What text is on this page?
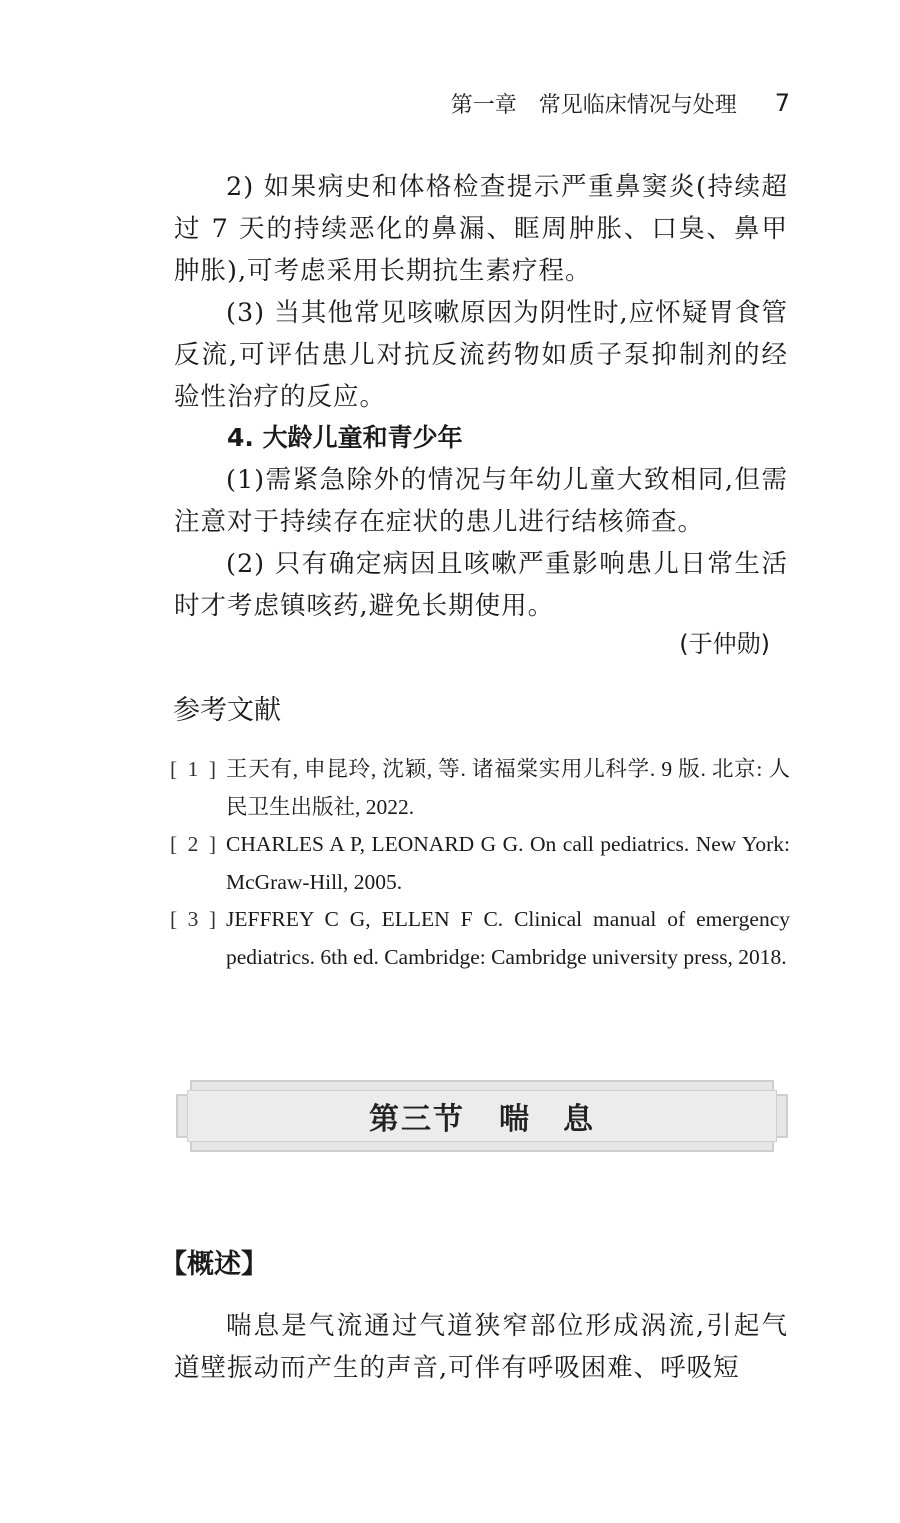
第一章　常见临床情况与处理 7
2) 如果病史和体格检查提示严重鼻窦炎(持续超过 7 天的持续恶化的鼻漏、眶周肿胀、口臭、鼻甲肿胀),可考虑采用长期抗生素疗程。
(3) 当其他常见咳嗽原因为阴性时,应怀疑胃食管反流,可评估患儿对抗反流药物如质子泵抑制剂的经验性治疗的反应。
4. 大龄儿童和青少年
(1)需紧急除外的情况与年幼儿童大致相同,但需注意对于持续存在症状的患儿进行结核筛查。
(2) 只有确定病因且咳嗽严重影响患儿日常生活时才考虑镇咳药,避免长期使用。
(于仲勋)
参考文献
[ 1 ] 王天有, 申昆玲, 沈颖, 等. 诸福棠实用儿科学. 9 版. 北京: 人民卫生出版社, 2022.
[ 2 ] CHARLES A P, LEONARD G G. On call pediatrics. New York: McGraw-Hill, 2005.
[ 3 ] JEFFREY C G, ELLEN F C. Clinical manual of emergency pediatrics. 6th ed. Cambridge: Cambridge university press, 2018.
第三节 喘　息
【概述】
喘息是气流通过气道狭窄部位形成涡流,引起气道壁振动而产生的声音,可伴有呼吸困难、呼吸短
